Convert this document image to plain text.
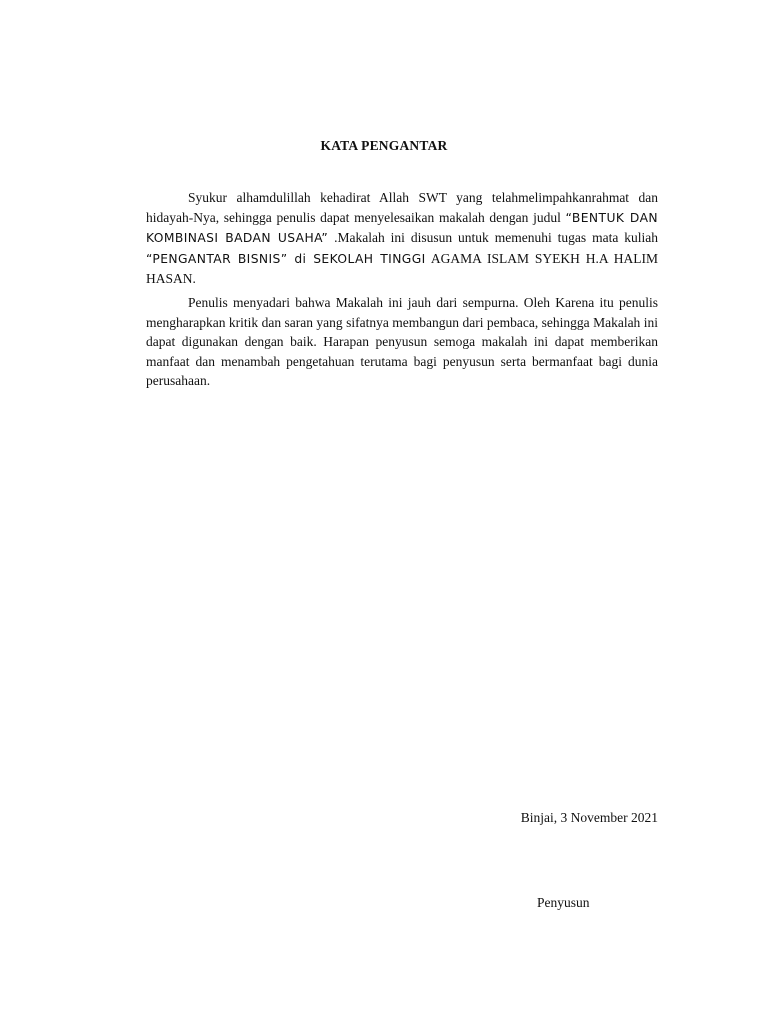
KATA PENGANTAR

Syukur alhamdulillah kehadirat Allah SWT yang telahmelimpahkanrahmat dan hidayah-Nya, sehingga penulis dapat menyelesaikan makalah dengan judul “BENTUK DAN KOMBINASI BADAN USAHA” .Makalah ini disusun untuk memenuhi tugas mata kuliah “PENGANTAR BISNIS” di SEKOLAH TINGGI AGAMA ISLAM SYEKH H.A HALIM HASAN.

Penulis menyadari bahwa Makalah ini jauh dari sempurna. Oleh Karena itu penulis mengharapkan kritik dan saran yang sifatnya membangun dari pembaca, sehingga Makalah ini dapat digunakan dengan baik. Harapan penyusun semoga makalah ini dapat memberikan manfaat dan menambah pengetahuan terutama bagi penyusun serta bermanfaat bagi dunia perusahaan.

Binjai, 3 November 2021
Penyusun
